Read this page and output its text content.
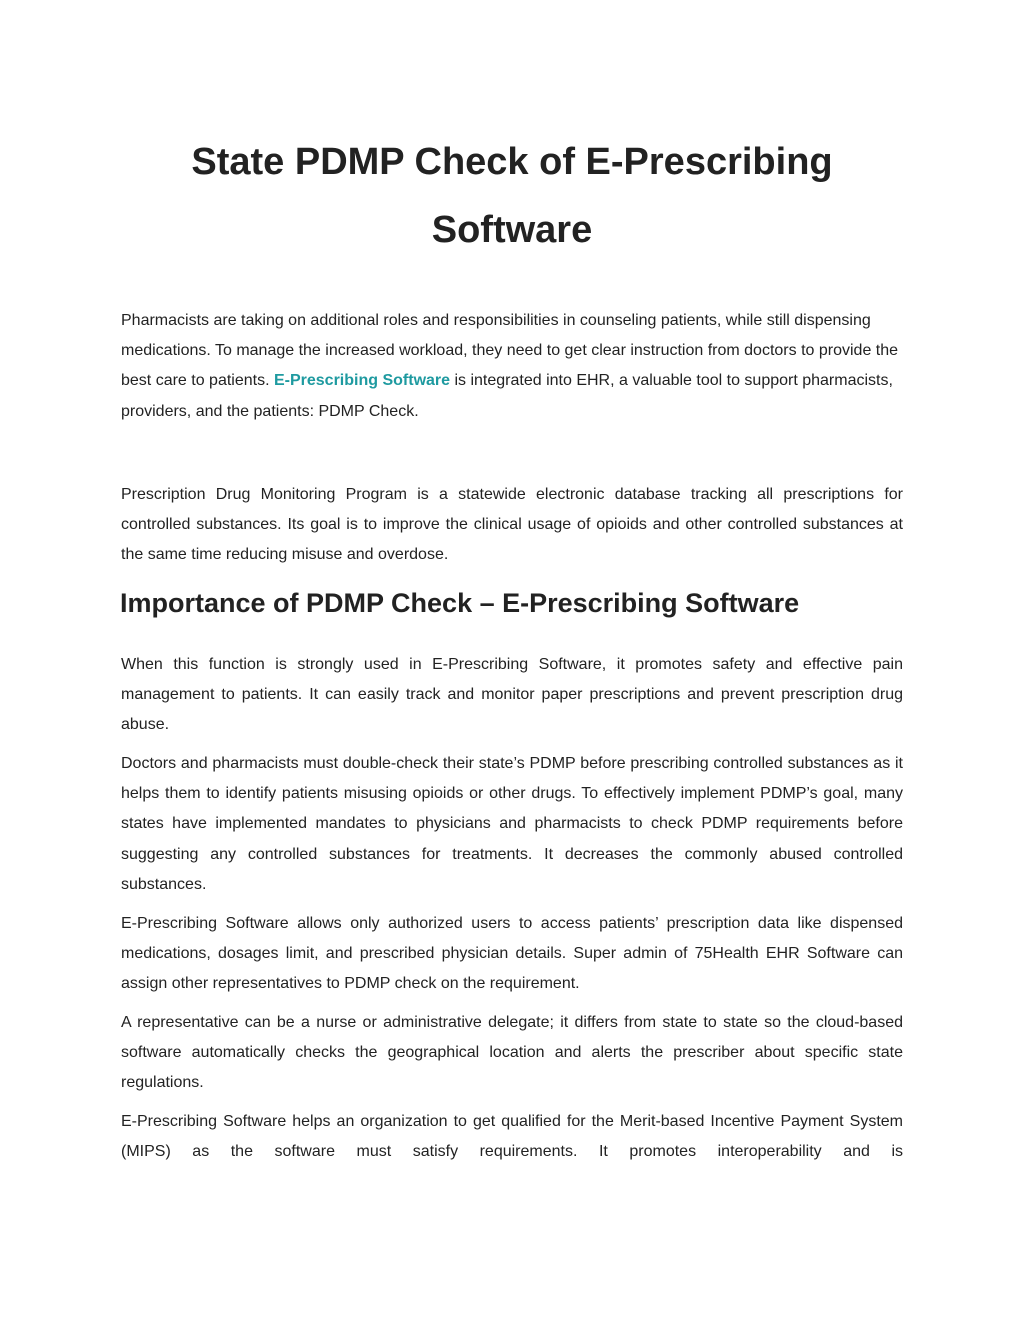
State PDMP Check of E-Prescribing Software

Pharmacists are taking on additional roles and responsibilities in counseling patients, while still dispensing medications. To manage the increased workload, they need to get clear instruction from doctors to provide the best care to patients. E-Prescribing Software is integrated into EHR, a valuable tool to support pharmacists, providers, and the patients: PDMP Check.

Prescription Drug Monitoring Program is a statewide electronic database tracking all prescriptions for controlled substances. Its goal is to improve the clinical usage of opioids and other controlled substances at the same time reducing misuse and overdose.

Importance of PDMP Check – E-Prescribing Software

When this function is strongly used in E-Prescribing Software, it promotes safety and effective pain management to patients. It can easily track and monitor paper prescriptions and prevent prescription drug abuse.

Doctors and pharmacists must double-check their state’s PDMP before prescribing controlled substances as it helps them to identify patients misusing opioids or other drugs. To effectively implement PDMP’s goal, many states have implemented mandates to physicians and pharmacists to check PDMP requirements before suggesting any controlled substances for treatments. It decreases the commonly abused controlled substances.

E-Prescribing Software allows only authorized users to access patients’ prescription data like dispensed medications, dosages limit, and prescribed physician details. Super admin of 75Health EHR Software can assign other representatives to PDMP check on the requirement.

A representative can be a nurse or administrative delegate; it differs from state to state so the cloud-based software automatically checks the geographical location and alerts the prescriber about specific state regulations.

E-Prescribing Software helps an organization to get qualified for the Merit-based Incentive Payment System (MIPS) as the software must satisfy requirements. It promotes interoperability and is
